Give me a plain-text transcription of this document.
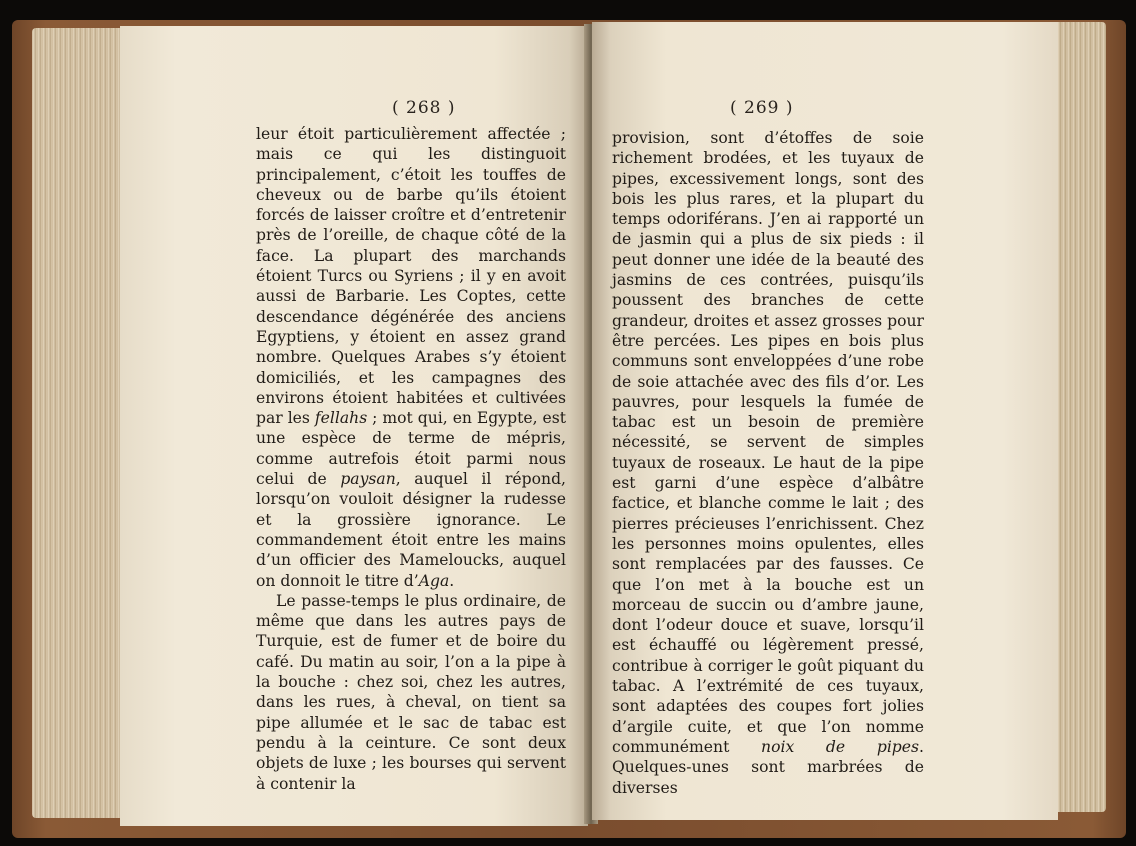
( 268 )

leur étoit particulièrement affectée ; mais ce qui les distinguoit principalement, c’étoit les touffes de cheveux ou de barbe qu’ils étoient forcés de laisser croître et d’entretenir près de l’oreille, de chaque côté de la face. La plupart des marchands étoient Turcs ou Syriens ; il y en avoit aussi de Barbarie. Les Coptes, cette descendance dégénérée des anciens Egyptiens, y étoient en assez grand nombre. Quelques Arabes s’y étoient domiciliés, et les campagnes des environs étoient habitées et cultivées par les fellahs ; mot qui, en Egypte, est une espèce de terme de mépris, comme autrefois étoit parmi nous celui de paysan, auquel il répond, lorsqu’on vouloit désigner la rudesse et la grossière ignorance. Le commandement étoit entre les mains d’un officier des Mameloucks, auquel on donnoit le titre d’Aga.

Le passe-temps le plus ordinaire, de même que dans les autres pays de Turquie, est de fumer et de boire du café. Du matin au soir, l’on a la pipe à la bouche : chez soi, chez les autres, dans les rues, à cheval, on tient sa pipe allumée et le sac de tabac est pendu à la ceinture. Ce sont deux objets de luxe ; les bourses qui servent à contenir la

( 269 )

provision, sont d’étoffes de soie richement brodées, et les tuyaux de pipes, excessivement longs, sont des bois les plus rares, et la plupart du temps odoriférans. J’en ai rapporté un de jasmin qui a plus de six pieds : il peut donner une idée de la beauté des jasmins de ces contrées, puisqu’ils poussent des branches de cette grandeur, droites et assez grosses pour être percées. Les pipes en bois plus communs sont enveloppées d’une robe de soie attachée avec des fils d’or. Les pauvres, pour lesquels la fumée de tabac est un besoin de première nécessité, se servent de simples tuyaux de roseaux. Le haut de la pipe est garni d’une espèce d’albâtre factice, et blanche comme le lait ; des pierres précieuses l’enrichissent. Chez les personnes moins opulentes, elles sont remplacées par des fausses. Ce que l’on met à la bouche est un morceau de succin ou d’ambre jaune, dont l’odeur douce et suave, lorsqu’il est échauffé ou légèrement pressé, contribue à corriger le goût piquant du tabac. A l’extrémité de ces tuyaux, sont adaptées des coupes fort jolies d’argile cuite, et que l’on nomme communément noix de pipes. Quelques-unes sont marbrées de diverses
